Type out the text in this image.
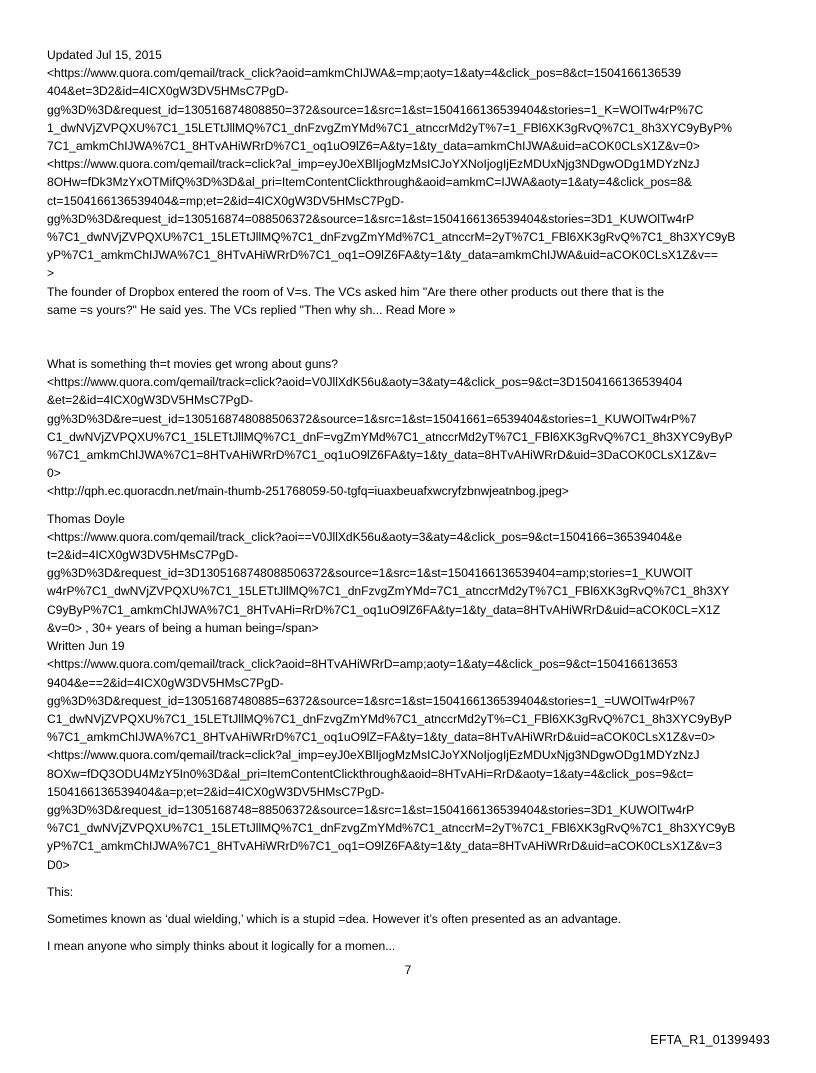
Updated Jul 15, 2015
<https://www.quora.com/qemail/track_click?aoid=amkmChIJWA&=mp;aoty=1&aty=4&click_pos=8&ct=1504166136539
404&et=3D2&id=4ICX0gW3DV5HMsC7PgD-
gg%3D%3D&request_id=130516874808850=372&source=1&src=1&st=1504166136539404&stories=1_K=WOlTw4rP%7C
1_dwNVjZVPQXU%7C1_15LETtJllMQ%7C1_dnFzvgZmYMd%7C1_atnccrMd2yT%7=1_FBl6XK3gRvQ%7C1_8h3XYC9yByP%
7C1_amkmChIJWA%7C1_8HTvAHiWRrD%7C1_oq1uO9lZ6=A&ty=1&ty_data=amkmChIJWA&uid=aCOK0CLsX1Z&v=0>
<https://www.quora.com/qemail/track=click?al_imp=eyJ0eXBlIjogMzMsICJoYXNoIjogIjEzMDUxNjg3NDgwODg1MDYzNzJ
8OHw=fDk3MzYxOTMifQ%3D%3D&al_pri=ItemContentClickthrough&aoid=amkmC=IJWA&aoty=1&aty=4&click_pos=8&
ct=1504166136539404&=mp;et=2&id=4ICX0gW3DV5HMsC7PgD-
gg%3D%3D&request_id=130516874=088506372&source=1&src=1&st=1504166136539404&stories=3D1_KUWOlTw4rP
%7C1_dwNVjZVPQXU%7C1_15LETtJllMQ%7C1_dnFzvgZmYMd%7C1_atnccrM=2yT%7C1_FBl6XK3gRvQ%7C1_8h3XYC9yB
yP%7C1_amkmChIJWA%7C1_8HTvAHiWRrD%7C1_oq1=O9lZ6FA&ty=1&ty_data=amkmChIJWA&uid=aCOK0CLsX1Z&v==
>
The founder of Dropbox entered the room of V=s. The VCs asked him "Are there other products out there that is the
same =s yours?" He said yes. The VCs replied "Then why sh... Read More »
What is something th=t movies get wrong about guns?
<https://www.quora.com/qemail/track=click?aoid=V0JllXdK56u&aoty=3&aty=4&click_pos=9&ct=3D1504166136539404
&et=2&id=4ICX0gW3DV5HMsC7PgD-
gg%3D%3D&re=uest_id=1305168748088506372&source=1&src=1&st=15041661=6539404&stories=1_KUWOlTw4rP%7
C1_dwNVjZVPQXU%7C1_15LETtJllMQ%7C1_dnF=vgZmYMd%7C1_atnccrMd2yT%7C1_FBl6XK3gRvQ%7C1_8h3XYC9yByP
%7C1_amkmChIJWA%7C1=8HTvAHiWRrD%7C1_oq1uO9lZ6FA&ty=1&ty_data=8HTvAHiWRrD&uid=3DaCOK0CLsX1Z&v=
0>
<http://qph.ec.quoracdn.net/main-thumb-251768059-50-tgfq=iuaxbeuafxwcryfzbnwjeatnbog.jpeg>
Thomas Doyle
<https://www.quora.com/qemail/track_click?aoi==V0JllXdK56u&aoty=3&aty=4&click_pos=9&ct=1504166=36539404&e
t=2&id=4ICX0gW3DV5HMsC7PgD-
gg%3D%3D&request_id=3D1305168748088506372&source=1&src=1&st=1504166136539404=amp;stories=1_KUWOlT
w4rP%7C1_dwNVjZVPQXU%7C1_15LETtJllMQ%7C1_dnFzvgZmYMd=7C1_atnccrMd2yT%7C1_FBl6XK3gRvQ%7C1_8h3XY
C9yByP%7C1_amkmChIJWA%7C1_8HTvAHi=RrD%7C1_oq1uO9lZ6FA&ty=1&ty_data=8HTvAHiWRrD&uid=aCOK0CL=X1Z
&v=0> , 30+ years of being a human being=/span>
Written Jun 19
<https://www.quora.com/qemail/track_click?aoid=8HTvAHiWRrD=amp;aoty=1&aty=4&click_pos=9&ct=150416613653
9404&e==2&id=4ICX0gW3DV5HMsC7PgD-
gg%3D%3D&request_id=13051687480885=6372&source=1&src=1&st=1504166136539404&stories=1_=UWOlTw4rP%7
C1_dwNVjZVPQXU%7C1_15LETtJllMQ%7C1_dnFzvgZmYMd%7C1_atnccrMd2yT%=C1_FBl6XK3gRvQ%7C1_8h3XYC9yByP
%7C1_amkmChIJWA%7C1_8HTvAHiWRrD%7C1_oq1uO9lZ=FA&ty=1&ty_data=8HTvAHiWRrD&uid=aCOK0CLsX1Z&v=0>
<https://www.quora.com/qemail/track=click?al_imp=eyJ0eXBlIjogMzMsICJoYXNoIjogIjEzMDUxNjg3NDgwODg1MDYzNzJ
8OXw=fDQ3ODU4MzY5In0%3D&al_pri=ItemContentClickthrough&aoid=8HTvAHi=RrD&aoty=1&aty=4&click_pos=9&ct=
1504166136539404&a=p;et=2&id=4ICX0gW3DV5HMsC7PgD-
gg%3D%3D&request_id=1305168748=88506372&source=1&src=1&st=1504166136539404&stories=3D1_KUWOlTw4rP
%7C1_dwNVjZVPQXU%7C1_15LETtJllMQ%7C1_dnFzvgZmYMd%7C1_atnccrM=2yT%7C1_FBl6XK3gRvQ%7C1_8h3XYC9yB
yP%7C1_amkmChIJWA%7C1_8HTvAHiWRrD%7C1_oq1=O9lZ6FA&ty=1&ty_data=8HTvAHiWRrD&uid=aCOK0CLsX1Z&v=3
D0>
This:
Sometimes known as ‘dual wielding,’ which is a stupid =dea. However it’s often presented as an advantage.
I mean anyone who simply thinks about it logically for a momen...
7
EFTA_R1_01399493
